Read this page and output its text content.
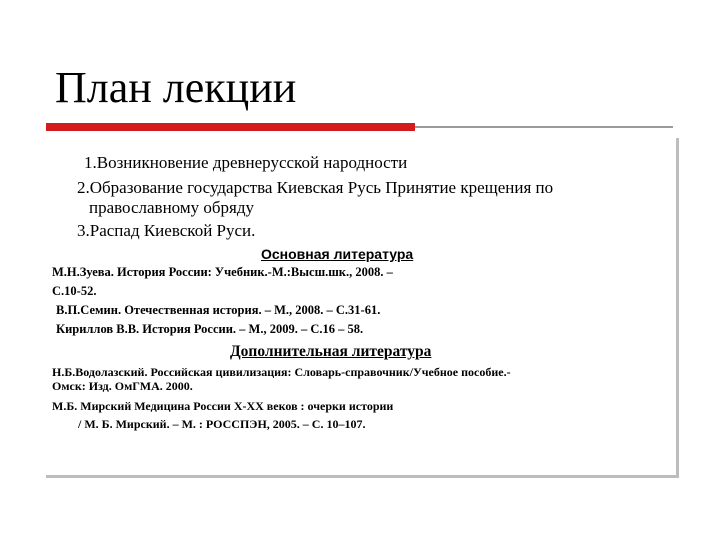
План лекции

1.Возникновение древнерусской народности

2.Образование государства Киевская Русь Принятие крещения по

православному обряду

3.Распад Киевской Руси.

Основная литература

М.Н.Зуева. История России: Учебник.-М.:Высш.шк., 2008. –

С.10-52.

В.П.Семин. Отечественная история. – М., 2008. – С.31-61.

Кириллов В.В. История России. – М., 2009. – С.16 – 58.

Дополнительная литература

Н.Б.Водолазский. Российская цивилизация: Словарь-справочник/Учебное пособие.-

Омск: Изд. ОмГМА. 2000.

М.Б. Мирский Медицина России X-XX веков : очерки истории

/ М. Б. Мирский. – М. : РОССПЭН, 2005. – С. 10–107.
